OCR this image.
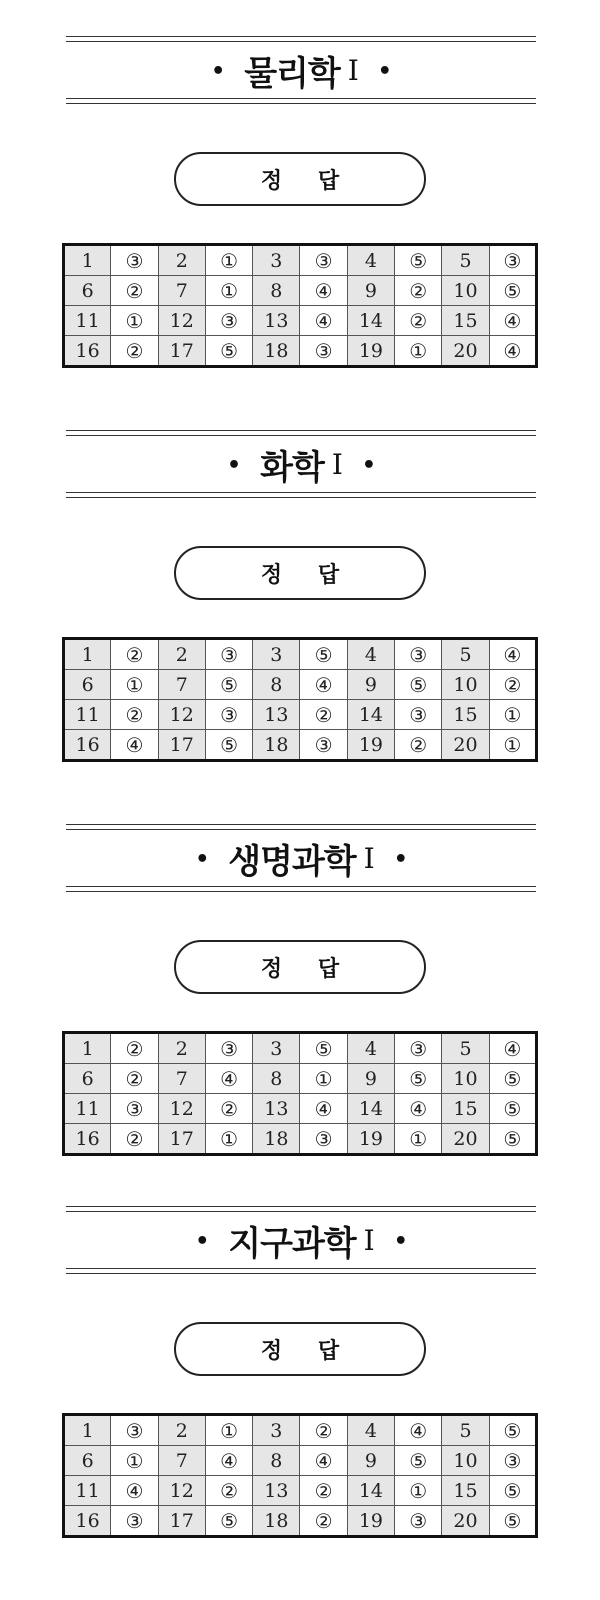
• 물리학 Ⅰ •
정 답
1	③	2	①	3	③	4	⑤	5	③
6	②	7	①	8	④	9	②	10	⑤
11	①	12	③	13	④	14	②	15	④
16	②	17	⑤	18	③	19	①	20	④
• 화학 Ⅰ •
정 답
1	②	2	③	3	⑤	4	③	5	④
6	①	7	⑤	8	④	9	⑤	10	②
11	②	12	③	13	②	14	③	15	①
16	④	17	⑤	18	③	19	②	20	①
• 생명과학 Ⅰ •
정 답
1	②	2	③	3	⑤	4	③	5	④
6	②	7	④	8	①	9	⑤	10	⑤
11	③	12	②	13	④	14	④	15	⑤
16	②	17	①	18	③	19	①	20	⑤
• 지구과학 Ⅰ •
정 답
1	③	2	①	3	②	4	④	5	⑤
6	①	7	④	8	④	9	⑤	10	③
11	④	12	②	13	②	14	①	15	⑤
16	③	17	⑤	18	②	19	③	20	⑤
